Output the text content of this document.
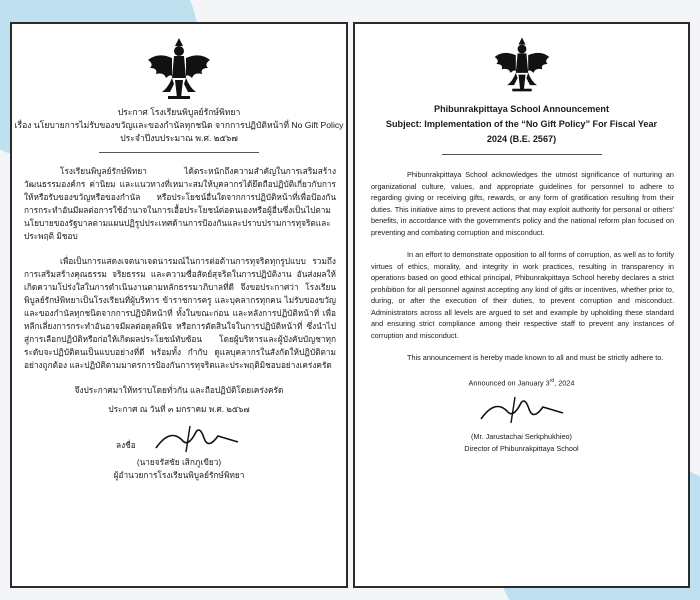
ประกาศ โรงเรียนพิบูลย์รักษ์พิทยา
เรื่อง นโยบายการไม่รับของขวัญและของกำนัลทุกชนิด จากการปฏิบัติหน้าที่ No Gift Policy
ประจำปีงบประมาณ พ.ศ. ๒๕๖๗

โรงเรียนพิบูลย์รักษ์พิทยา ได้ตระหนักถึงความสำคัญในการเสริมสร้างวัฒนธรรมองค์กร ค่านิยม และแนวทางที่เหมาะสมให้บุคลากรได้ยึดถือปฏิบัติเกี่ยวกับการให้หรือรับของขวัญหรือของกำนัล หรือประโยชน์อื่นใดจากการปฏิบัติหน้าที่เพื่อป้องกันการกระทำอันมีผลต่อการใช้อำนาจในการเอื้อประโยชน์ต่อตนเองหรือผู้อื่นซึ่งเป็นไปตามนโยบายของรัฐบาลตามแผนปฏิรูปประเทศด้านการป้องกันและปราบปรามการทุจริตและประพฤติ มิชอบ

เพื่อเป็นการแสดงเจตนาเจตนารมณ์ในการต่อต้านการทุจริตทุกรูปแบบ รวมถึงการเสริมสร้างคุณธรรม จริยธรรม และความซื่อสัตย์สุจริตในการปฏิบัติงาน อันส่งผลให้เกิดความโปร่งใสในการดำเนินงานตามหลักธรรมาภิบาลที่ดี จึงขอประกาศว่า โรงเรียนพิบูลย์รักษ์พิทยาเป็นโรงเรียนที่ผู้บริหาร ข้าราชการครู และบุคลากรทุกคน ไม่รับของขวัญและของกำนัลทุกชนิดจากการปฏิบัติหน้าที่ ทั้งในขณะก่อน และหลังการปฏิบัติหน้าที่ เพื่อหลีกเลี่ยงการกระทำอันอาจมีผลต่อดุลพินิจ หรือการตัดสินใจในการปฏิบัติหน้าที่ ซึ่งนำไปสู่การเลือกปฏิบัติหรือก่อให้เกิดผลประโยชน์ทับซ้อน โดยผู้บริหารและผู้บังคับบัญชาทุกระดับจะปฏิบัติตนเป็นแบบอย่างที่ดี พร้อมทั้ง กำกับ ดูแลบุคลากรในสังกัดให้ปฏิบัติตามอย่างถูกต้อง และปฏิบัติตามมาตรการป้องกันการทุจริตและประพฤติมิชอบอย่างเคร่งครัด

จึงประกาศมาให้ทราบโดยทั่วกัน และถือปฏิบัติโดยเคร่งครัด
ประกาศ ณ วันที่ ๓ มกราคม พ.ศ. ๒๕๖๗
ลงชื่อ
(นายจรัสชัย เสิกภูเขียว)
ผู้อำนวยการโรงเรียนพิบูลย์รักษ์พิทยา
Phibunrakpittaya School Announcement
Subject: Implementation of the “No Gift Policy” For Fiscal Year
2024 (B.E. 2567)

Phibunrakpittaya School acknowledges the utmost significance of nurturing an organizational culture, values, and appropriate guidelines for personnel to adhere to regarding giving or receiving gifts, rewards, or any form of gratification resulting from their duties. This initiative aims to prevent actions that may exploit authority for personal or others' benefits, in accordance with the government's policy and the national reform plan focused on preventing and combating corruption and misconduct.

In an effort to demonstrate opposition to all forms of corruption, as well as to fortify virtues of ethics, morality, and integrity in work practices, resulting in transparency in operations based on good ethical principal, Phibunrakpittaya School hereby declares a strict prohibition for all personnel against accepting any kind of gifts or incentives, whether prior to, during, or after the execution of their duties, to prevent corruption and misconduct. Administrators across all levels are argued to set and example by upholding these standard and ensuring strict compliance among their respective staff to prevent any instances of corruption and misconduct.

This announcement is hereby made known to all and must be strictly adhere to.

Announced on January 3rd, 2024
(Mr. Jarustachai Serkphukhieo)
Director of Phibunrakpittaya School
